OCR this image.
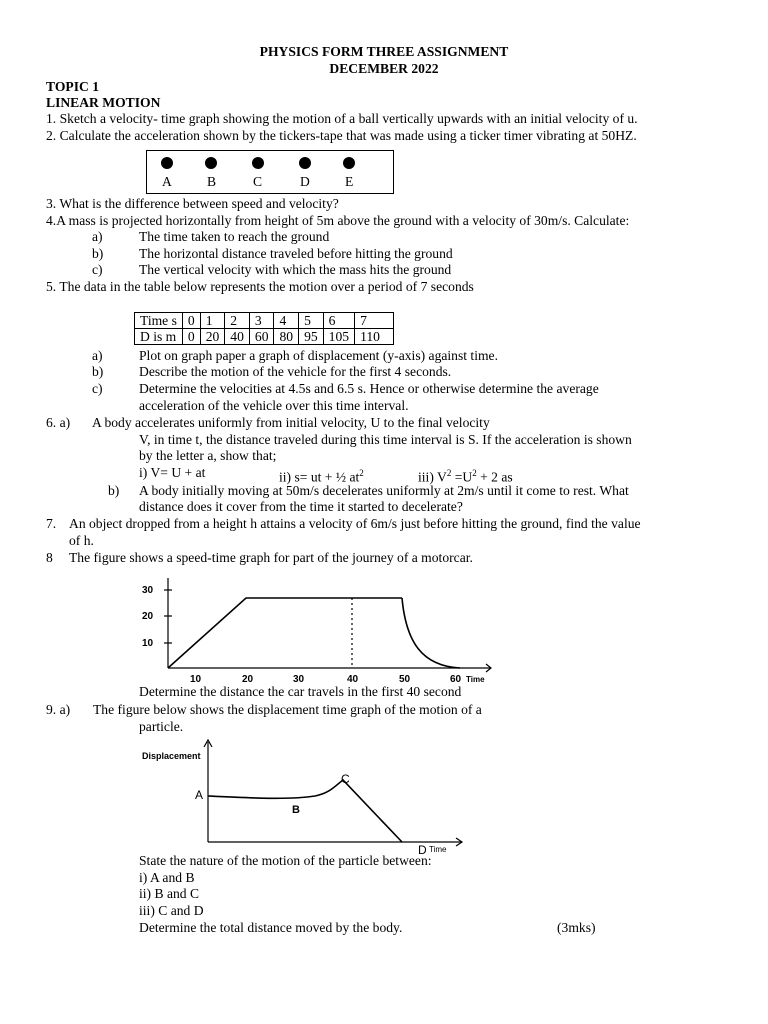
PHYSICS FORM THREE ASSIGNMENT
DECEMBER 2022
TOPIC 1
LINEAR MOTION
1. Sketch a velocity- time graph showing the motion of a ball vertically upwards with an initial velocity of u.
2. Calculate the acceleration shown by the tickers-tape that was made using a ticker timer vibrating at 50HZ.
A	B	C	D	E
3. What is the difference between speed and velocity?
4.A mass is projected horizontally from height of 5m above the ground with a velocity of 30m/s. Calculate:
a)	The time taken to reach the ground
b)	The horizontal distance traveled before hitting the ground
c)	The vertical velocity with which the mass hits the ground
5. The data in the table below represents the motion over a period of 7 seconds
Time s	0	1	2	3	4	5	6	7
D is m	0	20	40	60	80	95	105	110
a)	Plot on graph paper a graph of displacement (y-axis) against time.
b)	Describe the motion of the vehicle for the first 4 seconds.
c)	Determine the velocities at 4.5s and 6.5 s. Hence or otherwise determine the average
acceleration of the vehicle over this time interval.
6. a) A body accelerates uniformly from initial velocity, U to the final velocity
V, in time t, the distance traveled during this time interval is S. If the acceleration is shown
by the letter a, show that;
i) V= U + at	ii) s= ut + ½ $at^2$	iii) $V^2 =U^2 + 2$ as
b) A body initially moving at 50m/s decelerates uniformly at 2m/s until it come to rest. What
distance does it cover from the time it started to decelerate?
7. An object dropped from a height h attains a velocity of 6m/s just before hitting the ground, find the value
of h.
8 The figure shows a speed-time graph for part of the journey of a motorcar.
30
20
10
10	20	30	40	50	60 Time
Determine the distance the car travels in the first 40 second
9. a) The figure below shows the displacement time graph of the motion of a
particle.
Displacement
A
B
C
D Time
State the nature of the motion of the particle between:
i) A and B
ii) B and C
iii) C and D
Determine the total distance moved by the body.	(3mks)
